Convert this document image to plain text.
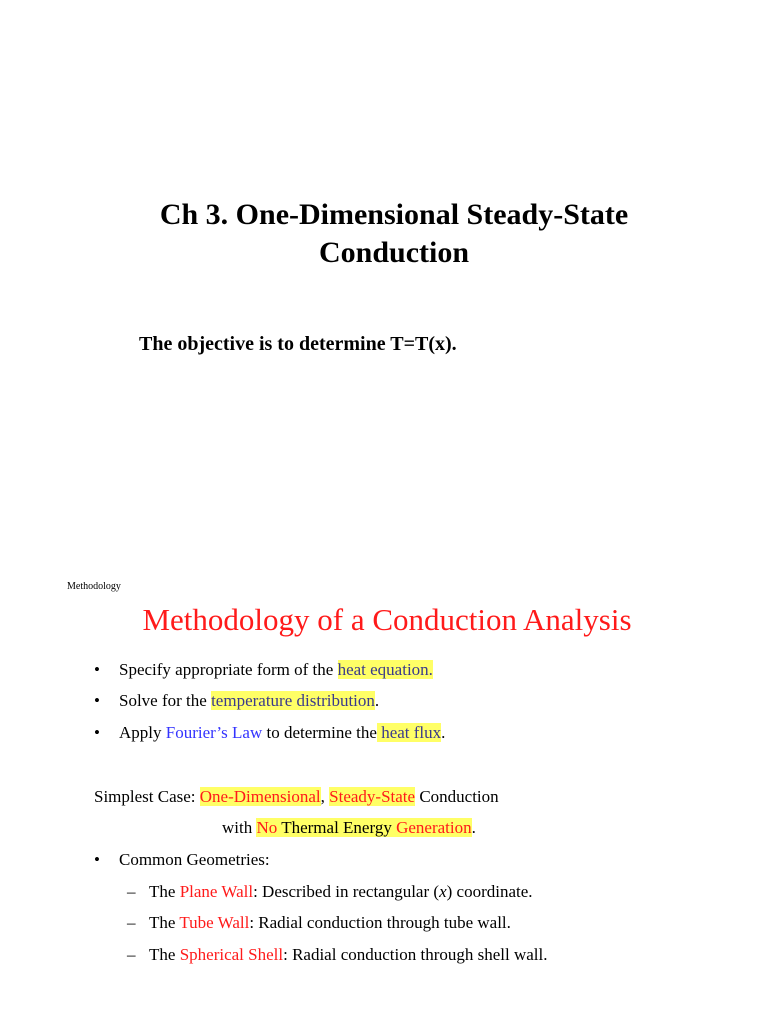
Ch 3. One-Dimensional Steady-State
Conduction

The objective is to determine T=T(x).

Methodology
Methodology of a Conduction Analysis
• Specify appropriate form of the heat equation.
• Solve for the temperature distribution.
• Apply Fourier’s Law to determine the heat flux.
Simplest Case: One-Dimensional, Steady-State Conduction
with No Thermal Energy Generation.
• Common Geometries:
– The Plane Wall: Described in rectangular (x) coordinate.
– The Tube Wall: Radial conduction through tube wall.
– The Spherical Shell: Radial conduction through shell wall.
